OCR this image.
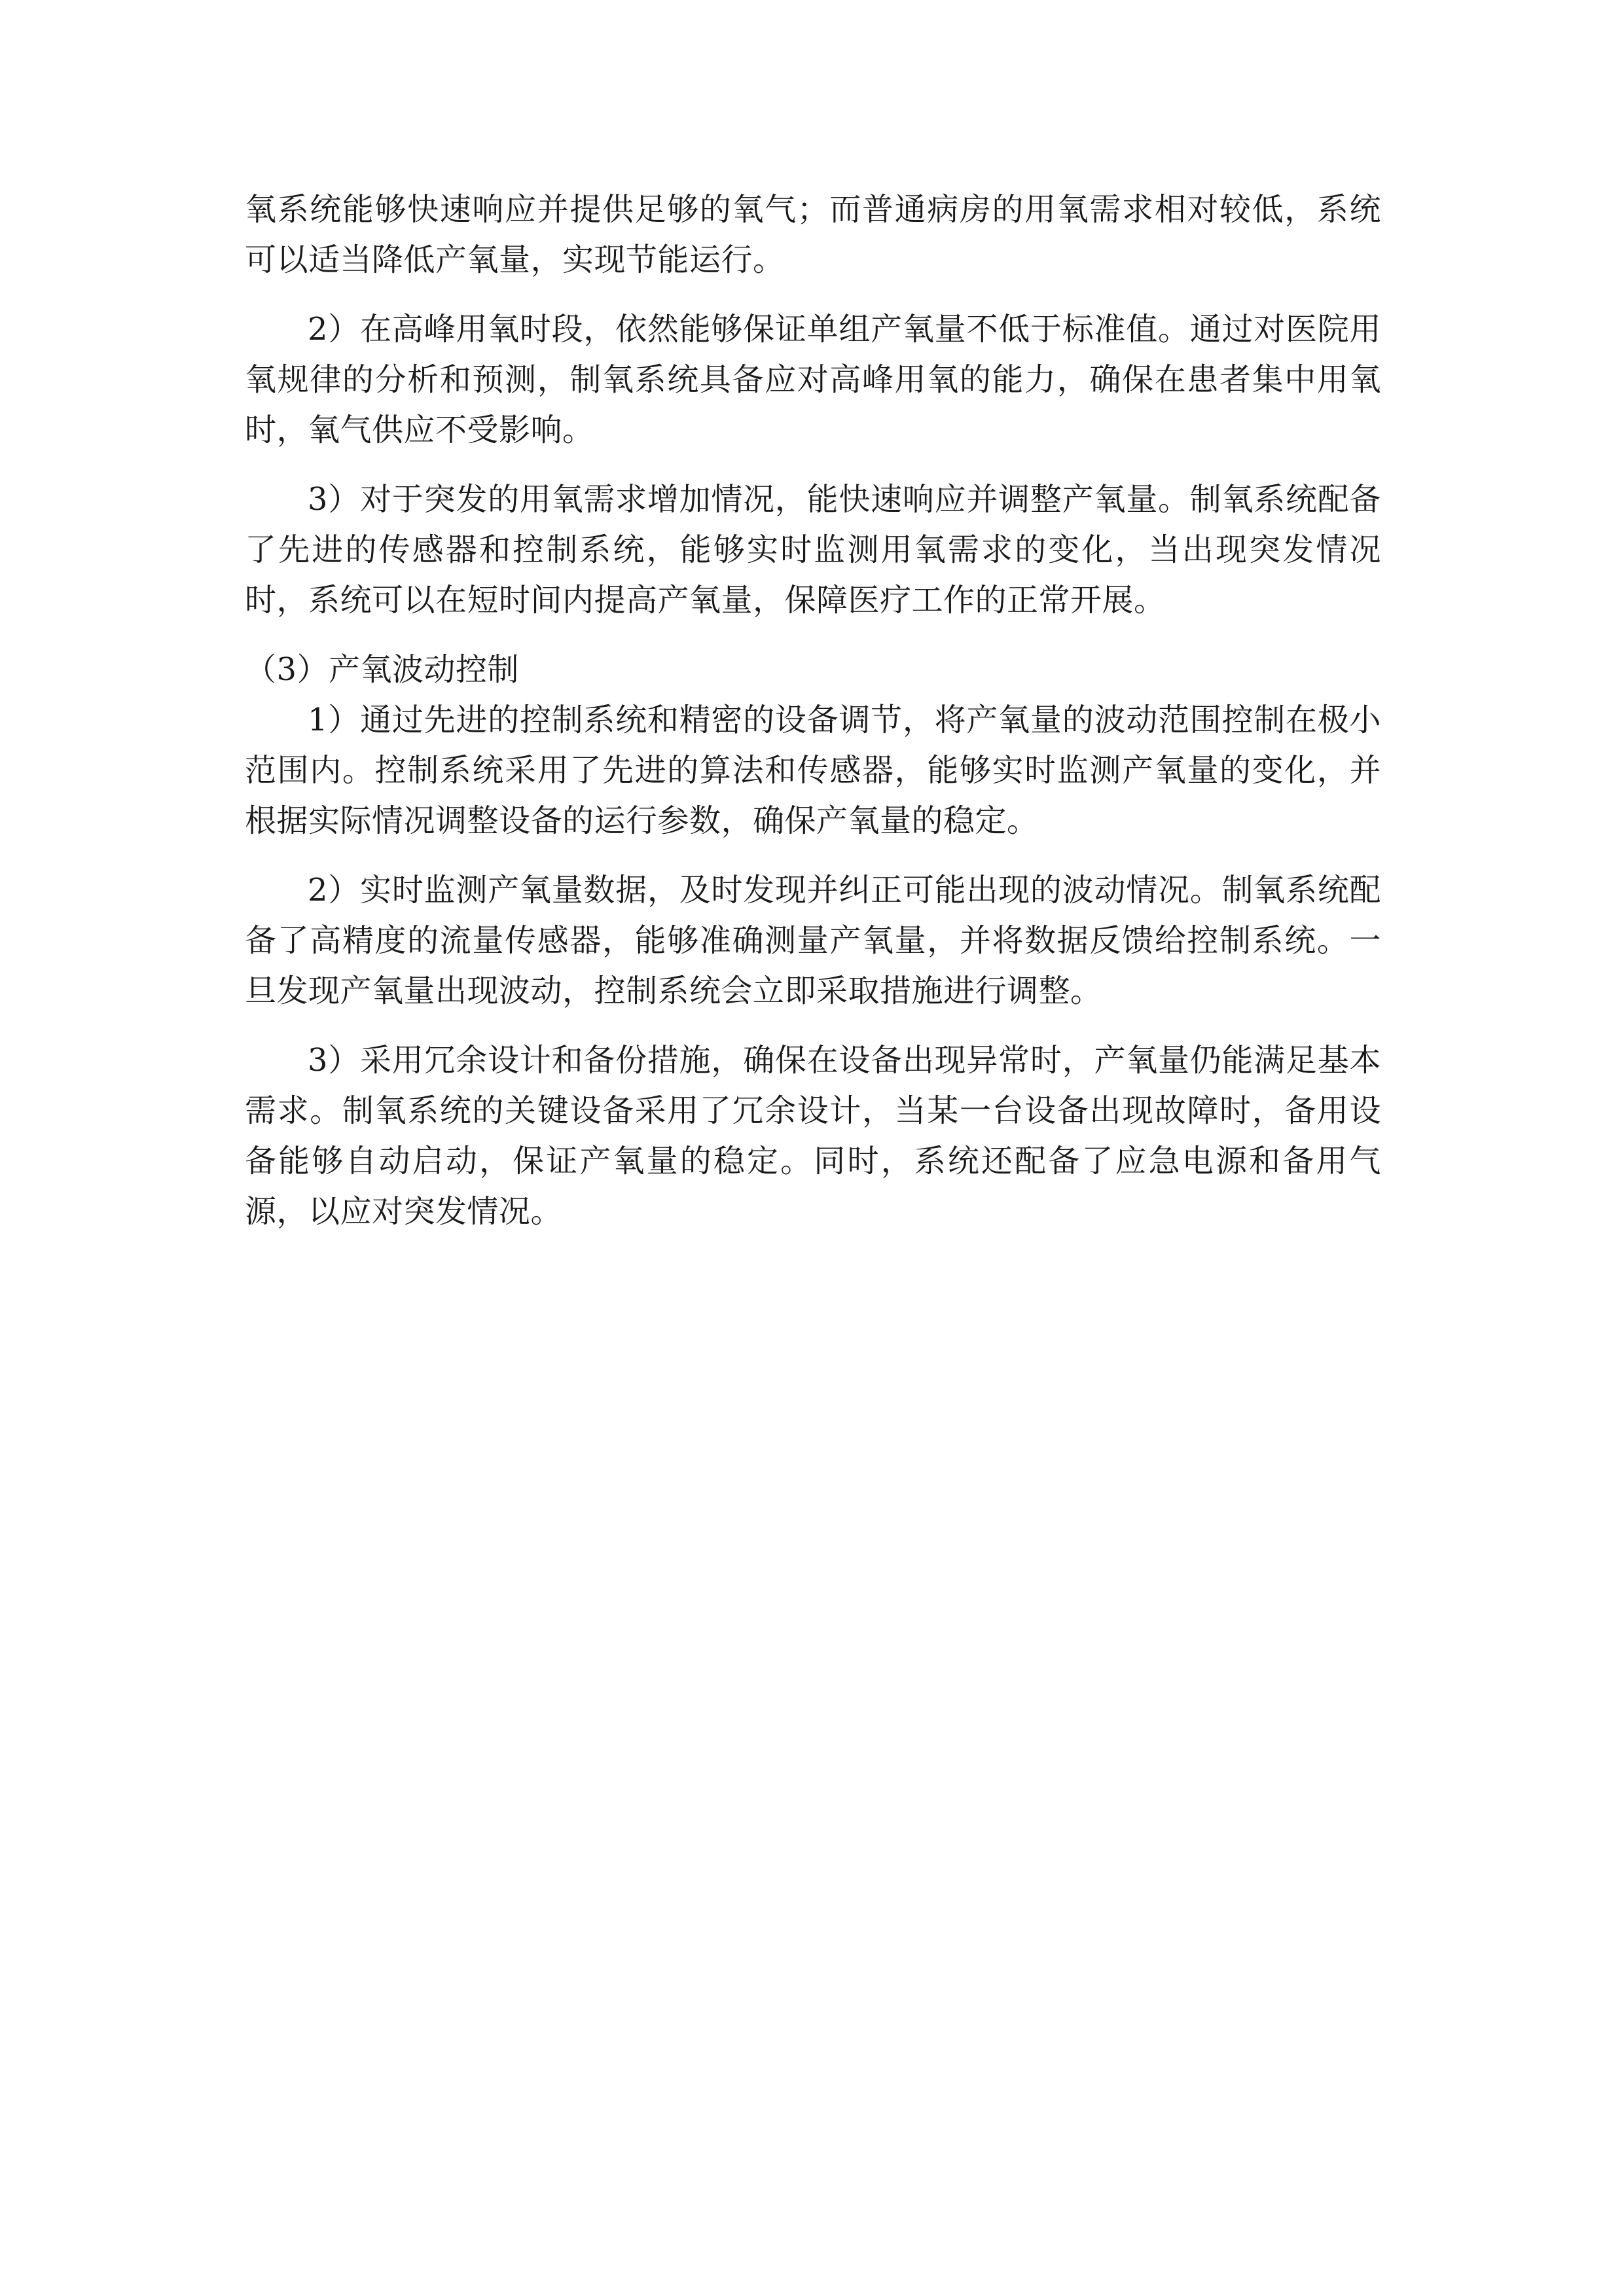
氧系统能够快速响应并提供足够的氧气；而普通病房的用氧需求相对较低，系统可以适当降低产氧量，实现节能运行。

2）在高峰用氧时段，依然能够保证单组产氧量不低于标准值。通过对医院用氧规律的分析和预测，制氧系统具备应对高峰用氧的能力，确保在患者集中用氧时，氧气供应不受影响。

3）对于突发的用氧需求增加情况，能快速响应并调整产氧量。制氧系统配备了先进的传感器和控制系统，能够实时监测用氧需求的变化，当出现突发情况时，系统可以在短时间内提高产氧量，保障医疗工作的正常开展。

（3）产氧波动控制

1）通过先进的控制系统和精密的设备调节，将产氧量的波动范围控制在极小范围内。控制系统采用了先进的算法和传感器，能够实时监测产氧量的变化，并根据实际情况调整设备的运行参数，确保产氧量的稳定。

2）实时监测产氧量数据，及时发现并纠正可能出现的波动情况。制氧系统配备了高精度的流量传感器，能够准确测量产氧量，并将数据反馈给控制系统。一旦发现产氧量出现波动，控制系统会立即采取措施进行调整。

3）采用冗余设计和备份措施，确保在设备出现异常时，产氧量仍能满足基本需求。制氧系统的关键设备采用了冗余设计，当某一台设备出现故障时，备用设备能够自动启动，保证产氧量的稳定。同时，系统还配备了应急电源和备用气源，以应对突发情况。
